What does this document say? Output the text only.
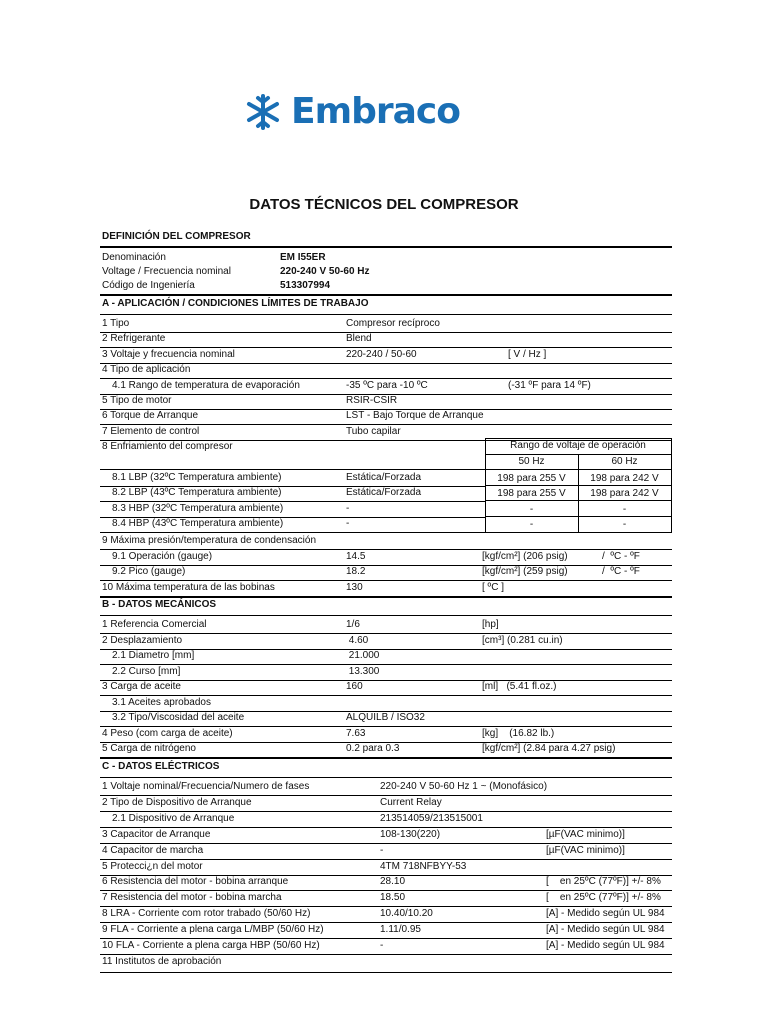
Embraco
DATOS TÉCNICOS DEL COMPRESOR
DEFINICIÓN DEL COMPRESOR
Denominación	EM I55ER
Voltage / Frecuencia nominal	220-240 V 50-60 Hz
Código de Ingeniería	513307994
A - APLICACIÓN / CONDICIONES LÍMITES DE TRABAJO
1 Tipo	Compresor recíproco
2 Refrigerante	Blend
3 Voltaje y frecuencia nominal	220-240 / 50-60	[ V / Hz ]
4 Tipo de aplicación
4.1 Rango de temperatura de evaporación	-35 ºC para -10 ºC	(-31 ºF para 14 ºF)
5 Tipo de motor	RSIR-CSIR
6 Torque de Arranque	LST - Bajo Torque de Arranque
7 Elemento de control	Tubo capilar
8 Enfriamiento del compresor	Rango de voltaje de operación
50 Hz	60 Hz
8.1 LBP (32ºC Temperatura ambiente)	Estática/Forzada	198 para 255 V	198 para 242 V
8.2 LBP (43ºC Temperatura ambiente)	Estática/Forzada	198 para 255 V	198 para 242 V
8.3 HBP (32ºC Temperatura ambiente)	-	-	-
8.4 HBP (43ºC Temperatura ambiente)	-	-	-
9 Máxima presión/temperatura de condensación
9.1 Operación (gauge)	14.5	[kgf/cm²] (206 psig)	/  ºC - ºF
9.2 Pico (gauge)	18.2	[kgf/cm²] (259 psig)	/  ºC - ºF
10 Máxima temperatura de las bobinas	130	[ ºC ]
B - DATOS MECÁNICOS
1 Referencia Comercial	1/6	[hp]
2 Desplazamiento	4.60	[cm³] (0.281 cu.in)
2.1 Diametro [mm]	21.000
2.2 Curso [mm]	13.300
3 Carga de aceite	160	[ml]   (5.41 fl.oz.)
3.1 Aceites aprobados
3.2 Tipo/Viscosidad del aceite	ALQUILB / ISO32
4 Peso (com carga de aceite)	7.63	[kg]    (16.82 lb.)
5 Carga de nitrógeno	0.2 para 0.3	[kgf/cm²] (2.84 para 4.27 psig)
C - DATOS ELÉCTRICOS
1 Voltaje nominal/Frecuencia/Numero de fases	220-240 V 50-60 Hz 1 ~ (Monofásico)
2 Tipo de Dispositivo de Arranque	Current Relay
2.1 Dispositivo de Arranque	213514059/213515001
3 Capacitor de Arranque	108-130(220)	[µF(VAC minimo)]
4 Capacitor de marcha	-	[µF(VAC minimo)]
5 Protecci¿n del motor	4TM 718NFBYY-53
6 Resistencia del motor - bobina arranque	28.10	[    en 25ºC (77ºF)] +/- 8%
7 Resistencia del motor - bobina marcha	18.50	[    en 25ºC (77ºF)] +/- 8%
8 LRA - Corriente com rotor trabado (50/60 Hz)	10.40/10.20	[A] - Medido según UL 984
9 FLA - Corriente a plena carga L/MBP (50/60 Hz)	1.11/0.95	[A] - Medido según UL 984
10 FLA - Corriente a plena carga HBP (50/60 Hz)	-	[A] - Medido según UL 984
11 Institutos de aprobación
